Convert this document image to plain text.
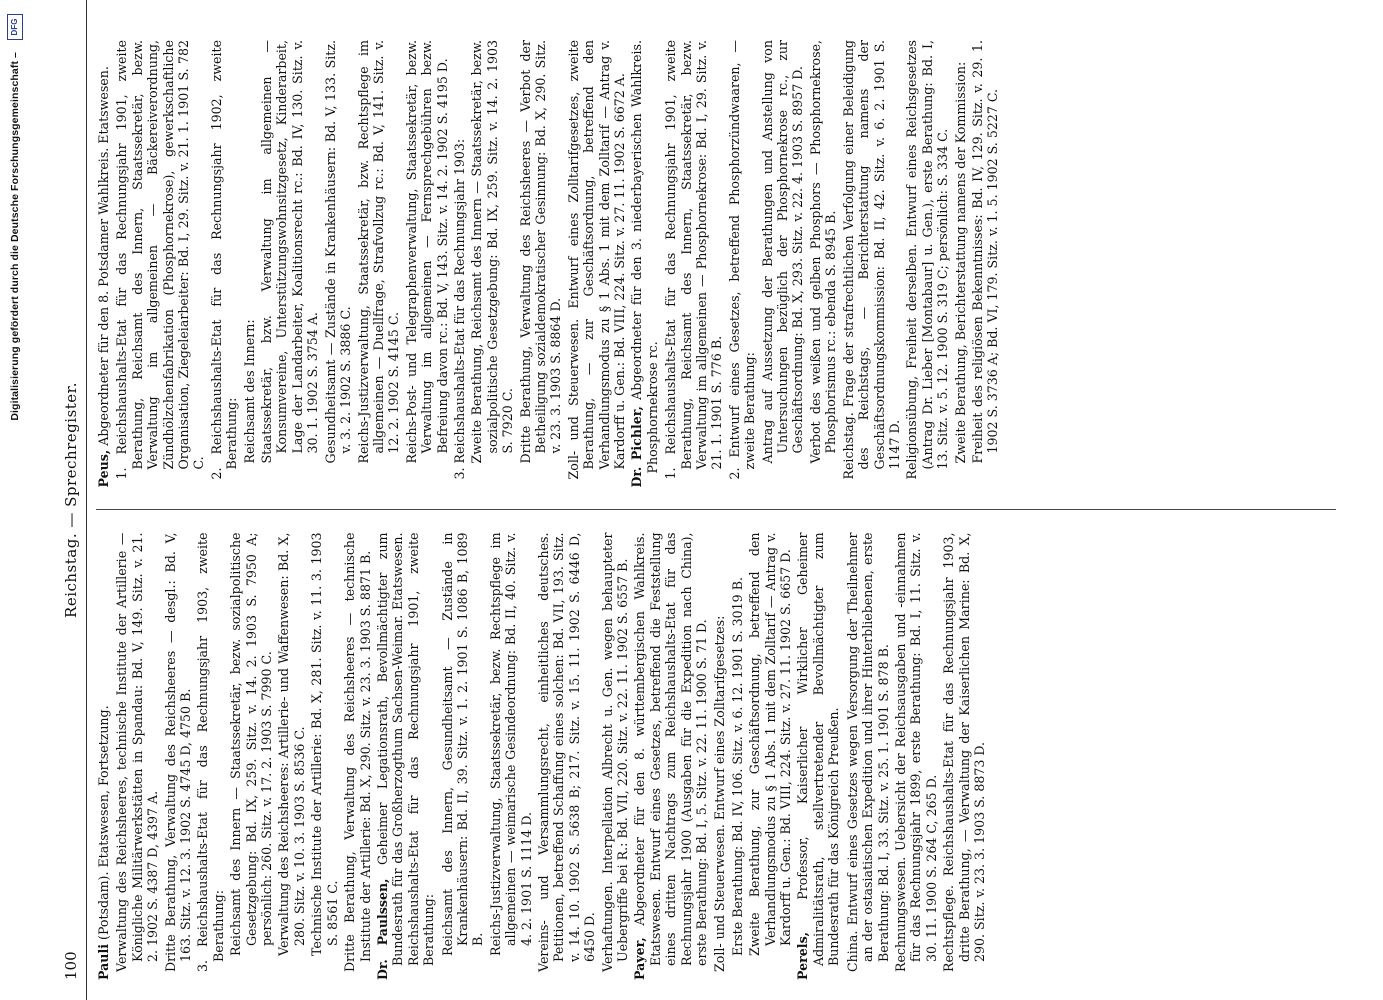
Digitalisierung gefördert durch die Deutsche Forschungsgemeinschaft –
DFG
100
Reichstag. — Sprechregister.
Pauli (Potsdam). Etatswesen, Fortsetzung. Verwaltung des Reichsheeres, technische Institute der Artillerie — Königliche Militärwerkstätten in Spandau: Bd. V, 149. Sitz. v. 21. 2. 1902 S. 4387 D, 4397 A. Dritte Berathung, Verwaltung des Reichsheeres — desgl.: Bd. V, 163. Sitz. v. 12. 3. 1902 S. 4745 D, 4750 B. 3. Reichshaushalts-Etat für das Rechnungsjahr 1903, zweite Berathung: Reichsamt des Innern — Staatssekretär, bezw. sozialpolitische Gesetzgebung: Bd. IX, 259. Sitz. v. 14. 2. 1903 S. 7950 A; persönlich: 260. Sitz. v. 17. 2. 1903 S. 7990 C. Verwaltung des Reichsheeres: Artillerie- und Waffenwesen: Bd. X, 280. Sitz. v. 10. 3. 1903 S. 8536 C. Technische Institute der Artillerie: Bd. X, 281. Sitz. v. 11. 3. 1903 S. 8561 C. Dritte Berathung, Verwaltung des Reichsheeres — technische Institute der Artillerie: Bd. X, 290. Sitz. v. 23. 3. 1903 S. 8871 B. Dr. Paulssen, Geheimer Legationsrath, Bevollmächtigter zum Bundesrath für das Großherzogthum Sachsen-Weimar. Etatswesen. Reichshaushalts-Etat für das Rechnungsjahr 1901, zweite Berathung: Reichsamt des Innern, Gesundheitsamt — Zustände in Krankenhäusern: Bd. II, 39. Sitz. v. 1. 2. 1901 S. 1086 B, 1089 B. Reichs-Justizverwaltung, Staatssekretär, bezw. Rechtspflege im allgemeinen — weimarische Gesindeordnung: Bd. II, 40. Sitz. v. 4. 2. 1901 S. 1114 D. Vereins- und Versammlungsrecht, einheitliches deutsches. Petitionen, betreffend Schaffung eines solchen: Bd. VII, 193. Sitz. v. 14. 10. 1902 S. 5638 B; 217. Sitz. v. 15. 11. 1902 S. 6446 D, 6450 D. Verhaftungen. Interpellation Albrecht u. Gen. wegen behaupteter Uebergriffe bei R.: Bd. VII, 220. Sitz. v. 22. 11. 1902 S. 6557 B. Payer, Abgeordneter für den 8. württembergischen Wahlkreis. Etatswesen. Entwurf eines Gesetzes, betreffend die Feststellung eines dritten Nachtrags zum Reichshaushalts-Etat für das Rechnungsjahr 1900 (Ausgaben für die Expedition nach China), erste Berathung: Bd. I, 5. Sitz. v. 22. 11. 1900 S. 71 D. Zoll- und Steuerwesen. Entwurf eines Zolltarifgesetzes: Erste Berathung: Bd. IV, 106. Sitz. v. 6. 12. 1901 S. 3019 B. Zweite Berathung, zur Geschäftsordnung, betreffend den Verhandlungsmodus zu § 1 Abs. 1 mit dem Zolltarif — Antrag v. Kardorff u. Gen.: Bd. VIII, 224. Sitz. v. 27. 11. 1902 S. 6657 D.
Perels, Professor, Kaiserlicher Wirklicher Geheimer Admiralitätsrath, stellvertretender Bevollmächtigter zum Bundesrath für das Königreich Preußen. China. Entwurf eines Gesetzes wegen Versorgung der Theilnehmer an der ostasiatischen Expedition und ihrer Hinterbliebenen, erste Berathung: Bd. I, 33. Sitz. v. 25. 1. 1901 S. 878 B. Rechnungswesen. Uebersicht der Reichsausgaben und -einnahmen für das Rechnungsjahr 1899, erste Berathung: Bd. I, 11. Sitz. v. 30. 11. 1900 S. 264 C, 265 D. Rechtspflege. Reichshaushalts-Etat für das Rechnungsjahr 1903, dritte Berathung, — Verwaltung der Kaiserlichen Marine: Bd. X, 290. Sitz. v. 23. 3. 1903 S. 8873 D.
Peus, Abgeordneter für den 8. Potsdamer Wahlkreis. Etatswesen. 1. Reichshaushalts-Etat für das Rechnungsjahr 1901, zweite Berathung, Reichsamt des Innern, Staatssekretär, bezw. Verwaltung im allgemeinen — Bäckereiverordnung, Zündhölzchenfabrikation (Phosphornekrose), gewerkschaftliche Organisation, Ziegeleiarbeiter: Bd. I, 29. Sitz. v. 21. 1. 1901 S. 782 C. 2. Reichshaushalts-Etat für das Rechnungsjahr 1902, zweite Berathung: Reichsamt des Innern: Staatssekretär, bzw. Verwaltung im allgemeinen — Konsumvereine, Unterstützungswohnsitzgesetz, Kinderarbeit, Lage der Landarbeiter, Koalitionsrecht rc.: Bd. IV, 130. Sitz. v. 30. 1. 1902 S. 3754 A. Gesundheitsamt — Zustände in Krankenhäusern: Bd. V, 133. Sitz. v. 3. 2. 1902 S. 3886 C. Reichs-Justizverwaltung, Staatssekretär, bzw. Rechtspflege im allgemeinen — Duellfrage, Strafvollzug rc.: Bd. V, 141. Sitz. v. 12. 2. 1902 S. 4145 C. Reichs-Post- und Telegraphenverwaltung, Staatssekretär, bezw. Verwaltung im allgemeinen — Fernsprechgebühren bezw. Befreiung davon rc.: Bd. V, 143. Sitz. v. 14. 2. 1902 S. 4195 D. 3. Reichshaushalts-Etat für das Rechnungsjahr 1903: Zweite Berathung, Reichsamt des Innern — Staatssekretär, bezw. sozialpolitische Gesetzgebung: Bd. IX, 259. Sitz. v. 14. 2. 1903 S. 7920 C. Dritte Berathung, Verwaltung des Reichsheeres — Verbot der Betheiligung sozialdemokratischer Gesinnung: Bd. X, 290. Sitz. v. 23. 3. 1903 S. 8864 D. Zoll- und Steuerwesen. Entwurf eines Zolltarifgesetzes, zweite Berathung, — zur Geschäftsordnung, betreffend den Verhandlungsmodus zu § 1 Abs. 1 mit dem Zolltarif — Antrag v. Kardorff u. Gen.: Bd. VIII, 224. Sitz. v. 27. 11. 1902 S. 6672 A. Dr. Pichler, Abgeordneter für den 3. niederbayerischen Wahlkreis. Phosphornekrose rc. 1. Reichshaushalts-Etat für das Rechnungsjahr 1901, zweite Berathung, Reichsamt des Innern, Staatssekretär, bezw. Verwaltung im allgemeinen — Phosphornekrose: Bd. I, 29. Sitz. v. 21. 1. 1901 S. 776 B. 2. Entwurf eines Gesetzes, betreffend Phosphorzündwaaren, — zweite Berathung: Antrag auf Aussetzung der Berathungen und Anstellung von Untersuchungen bezüglich der Phosphornekrose rc., zur Geschäftsordnung: Bd. X, 293. Sitz. v. 22. 4. 1903 S. 8957 D. Verbot des weißen und gelben Phosphors — Phosphornekrose, Phosphorismus rc.: ebenda S. 8945 B. Reichstag. Frage der strafrechtlichen Verfolgung einer Beleidigung des Reichstags, — Berichterstattung namens der Geschäftsordnungskommission: Bd. II, 42. Sitz. v. 6. 2. 1901 S. 1147 D. Religionsübung, Freiheit derselben. Entwurf eines Reichsgesetzes (Antrag Dr. Lieber [Montabaur] u. Gen.), erste Berathung: Bd. I, 13. Sitz. v. 5. 12. 1900 S. 319 C; persönlich: S. 334 C. Zweite Berathung, Berichterstattung namens der Kommission: Freiheit des religiösen Bekenntnisses: Bd. IV, 129. Sitz. v. 29. 1. 1902 S. 3736 A; Bd. VI, 179. Sitz. v. 1. 5. 1902 S. 5227 C.
